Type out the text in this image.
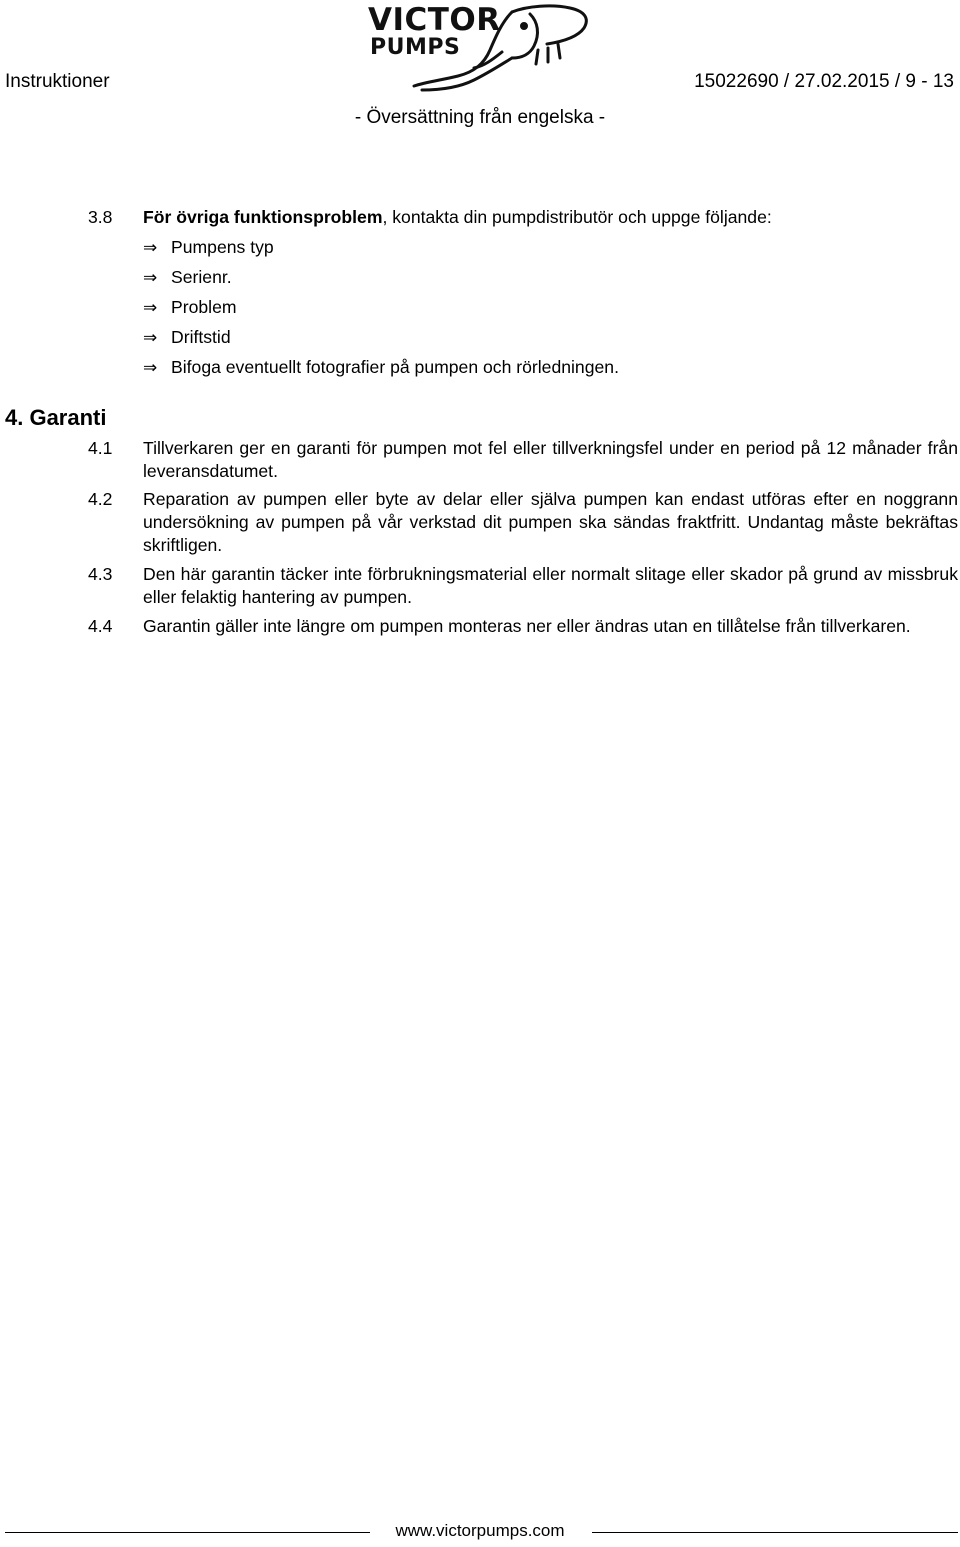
VICTOR
PUMPS
Instruktioner	15022690 / 27.02.2015 / 9 - 13
- Översättning från engelska -
3.8 För övriga funktionsproblem, kontakta din pumpdistributör och uppge följande:
⇒ Pumpens typ
⇒ Serienr.
⇒ Problem
⇒ Driftstid
⇒ Bifoga eventuellt fotografier på pumpen och rörledningen.
4. Garanti
4.1 Tillverkaren ger en garanti för pumpen mot fel eller tillverkningsfel under en period på 12 månader från leveransdatumet.
4.2 Reparation av pumpen eller byte av delar eller själva pumpen kan endast utföras efter en noggrann undersökning av pumpen på vår verkstad dit pumpen ska sändas fraktfritt. Undantag måste bekräftas skriftligen.
4.3 Den här garantin täcker inte förbrukningsmaterial eller normalt slitage eller skador på grund av missbruk eller felaktig hantering av pumpen.
4.4 Garantin gäller inte längre om pumpen monteras ner eller ändras utan en tillåtelse från tillverkaren.
www.victorpumps.com
